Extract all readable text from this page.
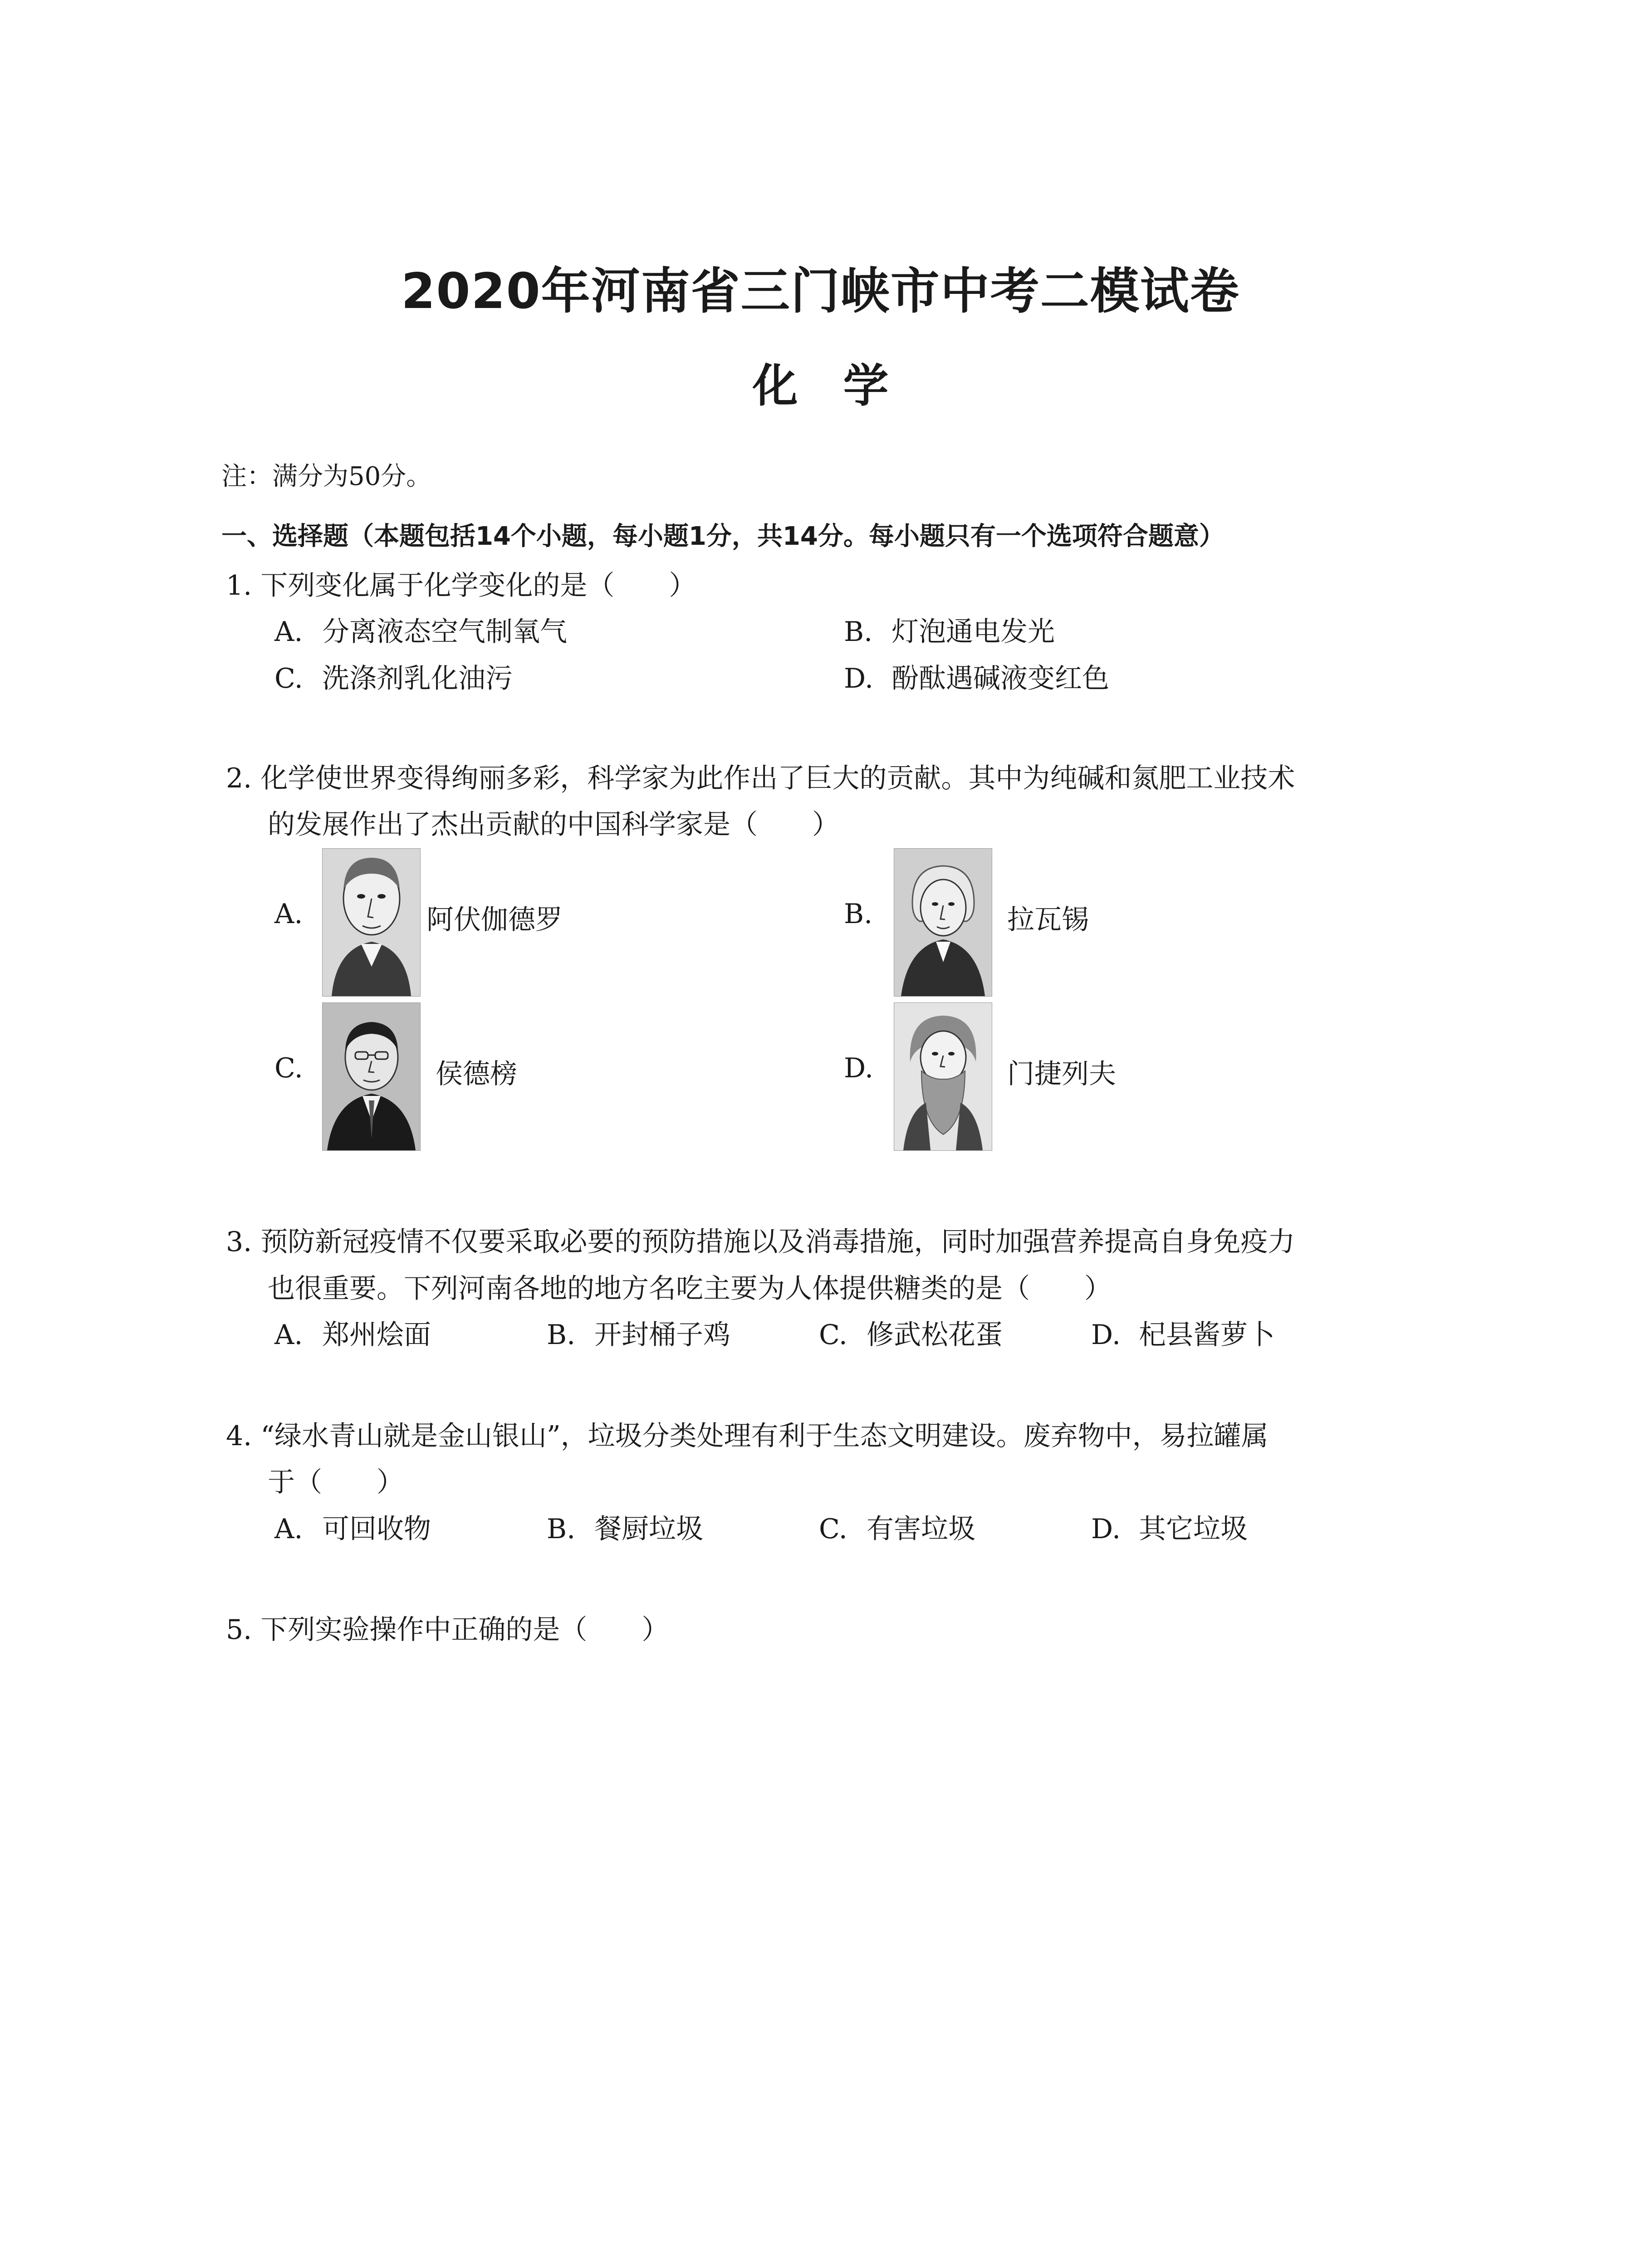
2020年河南省三门峡市中考二模试卷
化学
注：满分为50分。
一、选择题（本题包括14个小题，每小题1分，共14分。每小题只有一个选项符合题意）
1. 下列变化属于化学变化的是（　　）
A. 分离液态空气制氧气	B. 灯泡通电发光
C. 洗涤剂乳化油污	D. 酚酞遇碱液变红色
2. 化学使世界变得绚丽多彩，科学家为此作出了巨大的贡献。其中为纯碱和氮肥工业技术
的发展作出了杰出贡献的中国科学家是（　　）
A.	阿伏伽德罗	B.	拉瓦锡
C.	侯德榜	D.	门捷列夫
3. 预防新冠疫情不仅要采取必要的预防措施以及消毒措施，同时加强营养提高自身免疫力
也很重要。下列河南各地的地方名吃主要为人体提供糖类的是（　　）
A. 郑州烩面	B. 开封桶子鸡	C. 修武松花蛋	D. 杞县酱萝卜
4. “绿水青山就是金山银山”，垃圾分类处理有利于生态文明建设。废弃物中，易拉罐属
于（　　）
A. 可回收物	B. 餐厨垃圾	C. 有害垃圾	D. 其它垃圾
5. 下列实验操作中正确的是（　　）
